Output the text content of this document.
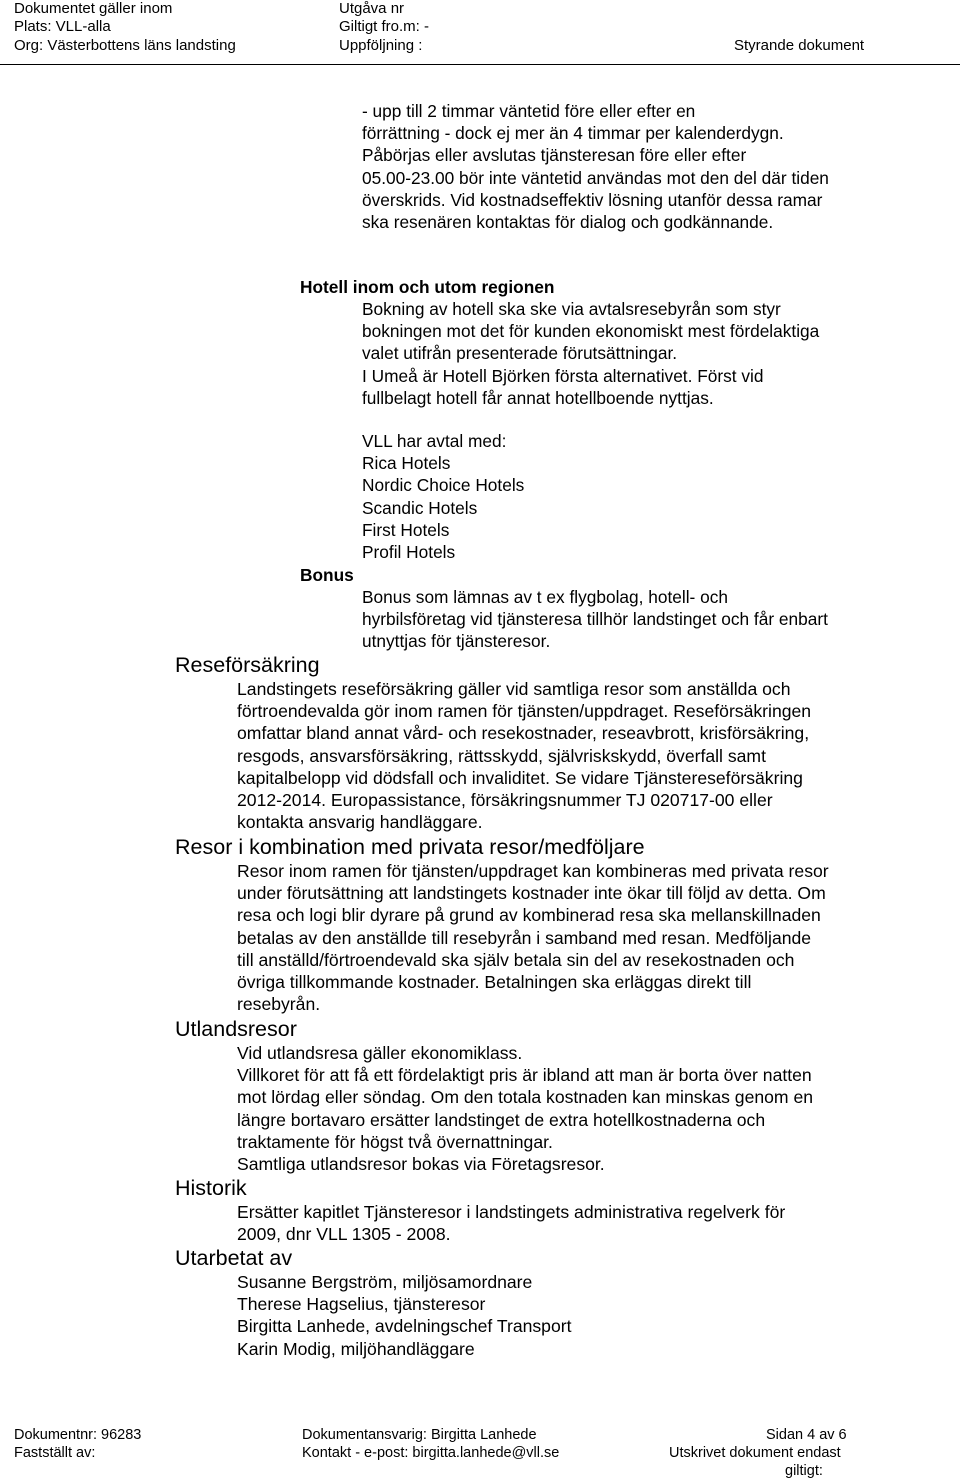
Dokumentet gäller inom
Plats: VLL-alla
Org: Västerbottens läns landsting
Utgåva nr
Giltigt fro.m: -
Uppföljning :	Styrande dokument
- upp till 2 timmar väntetid före eller efter en
förrättning - dock ej mer än 4 timmar per kalenderdygn.
Påbörjas eller avslutas tjänsteresan före eller efter
05.00-23.00 bör inte väntetid användas mot den del där tiden
överskrids. Vid kostnadseffektiv lösning utanför dessa ramar
ska resenären kontaktas för dialog och godkännande.
Hotell inom och utom regionen
Bokning av hotell ska ske via avtalsresebyrån som styr
bokningen mot det för kunden ekonomiskt mest fördelaktiga
valet utifrån presenterade förutsättningar.
I Umeå är Hotell Björken första alternativet. Först vid
fullbelagt hotell får annat hotellboende nyttjas.
VLL har avtal med:
Rica Hotels
Nordic Choice Hotels
Scandic Hotels
First Hotels
Profil Hotels
Bonus
Bonus som lämnas av t ex flygbolag, hotell- och
hyrbilsföretag vid tjänsteresa tillhör landstinget och får enbart
utnyttjas för tjänsteresor.
Reseförsäkring
Landstingets reseförsäkring gäller vid samtliga resor som anställda och
förtroendevalda gör inom ramen för tjänsten/uppdraget. Reseförsäkringen
omfattar bland annat vård- och resekostnader, reseavbrott, krisförsäkring,
resgods, ansvarsförsäkring, rättsskydd, självriskskydd, överfall samt
kapitalbelopp vid dödsfall och invaliditet. Se vidare Tjänstereseförsäkring
2012-2014. Europassistance, försäkringsnummer TJ 020717-00 eller
kontakta ansvarig handläggare.
Resor i kombination med privata resor/medföljare
Resor inom ramen för tjänsten/uppdraget kan kombineras med privata resor
under förutsättning att landstingets kostnader inte ökar till följd av detta. Om
resa och logi blir dyrare på grund av kombinerad resa ska mellanskillnaden
betalas av den anställde till resebyrån i samband med resan. Medföljande
till anställd/förtroendevald ska själv betala sin del av resekostnaden och
övriga tillkommande kostnader. Betalningen ska erläggas direkt till
resebyrån.
Utlandsresor
Vid utlandsresa gäller ekonomiklass.
Villkoret för att få ett fördelaktigt pris är ibland att man är borta över natten
mot lördag eller söndag. Om den totala kostnaden kan minskas genom en
längre bortavaro ersätter landstinget de extra hotellkostnaderna och
traktamente för högst två övernattningar.
Samtliga utlandsresor bokas via Företagsresor.
Historik
Ersätter kapitlet Tjänsteresor i landstingets administrativa regelverk för
2009, dnr VLL 1305 - 2008.
Utarbetat av
Susanne Bergström, miljösamordnare
Therese Hagselius, tjänsteresor
Birgitta Lanhede, avdelningschef Transport
Karin Modig, miljöhandläggare
Dokumentnr: 96283
Fastställt av:
Dokumentansvarig: Birgitta Lanhede
Kontakt - e-post: birgitta.lanhede@vll.se
Sidan 4 av 6
Utskrivet dokument endast
giltigt:
